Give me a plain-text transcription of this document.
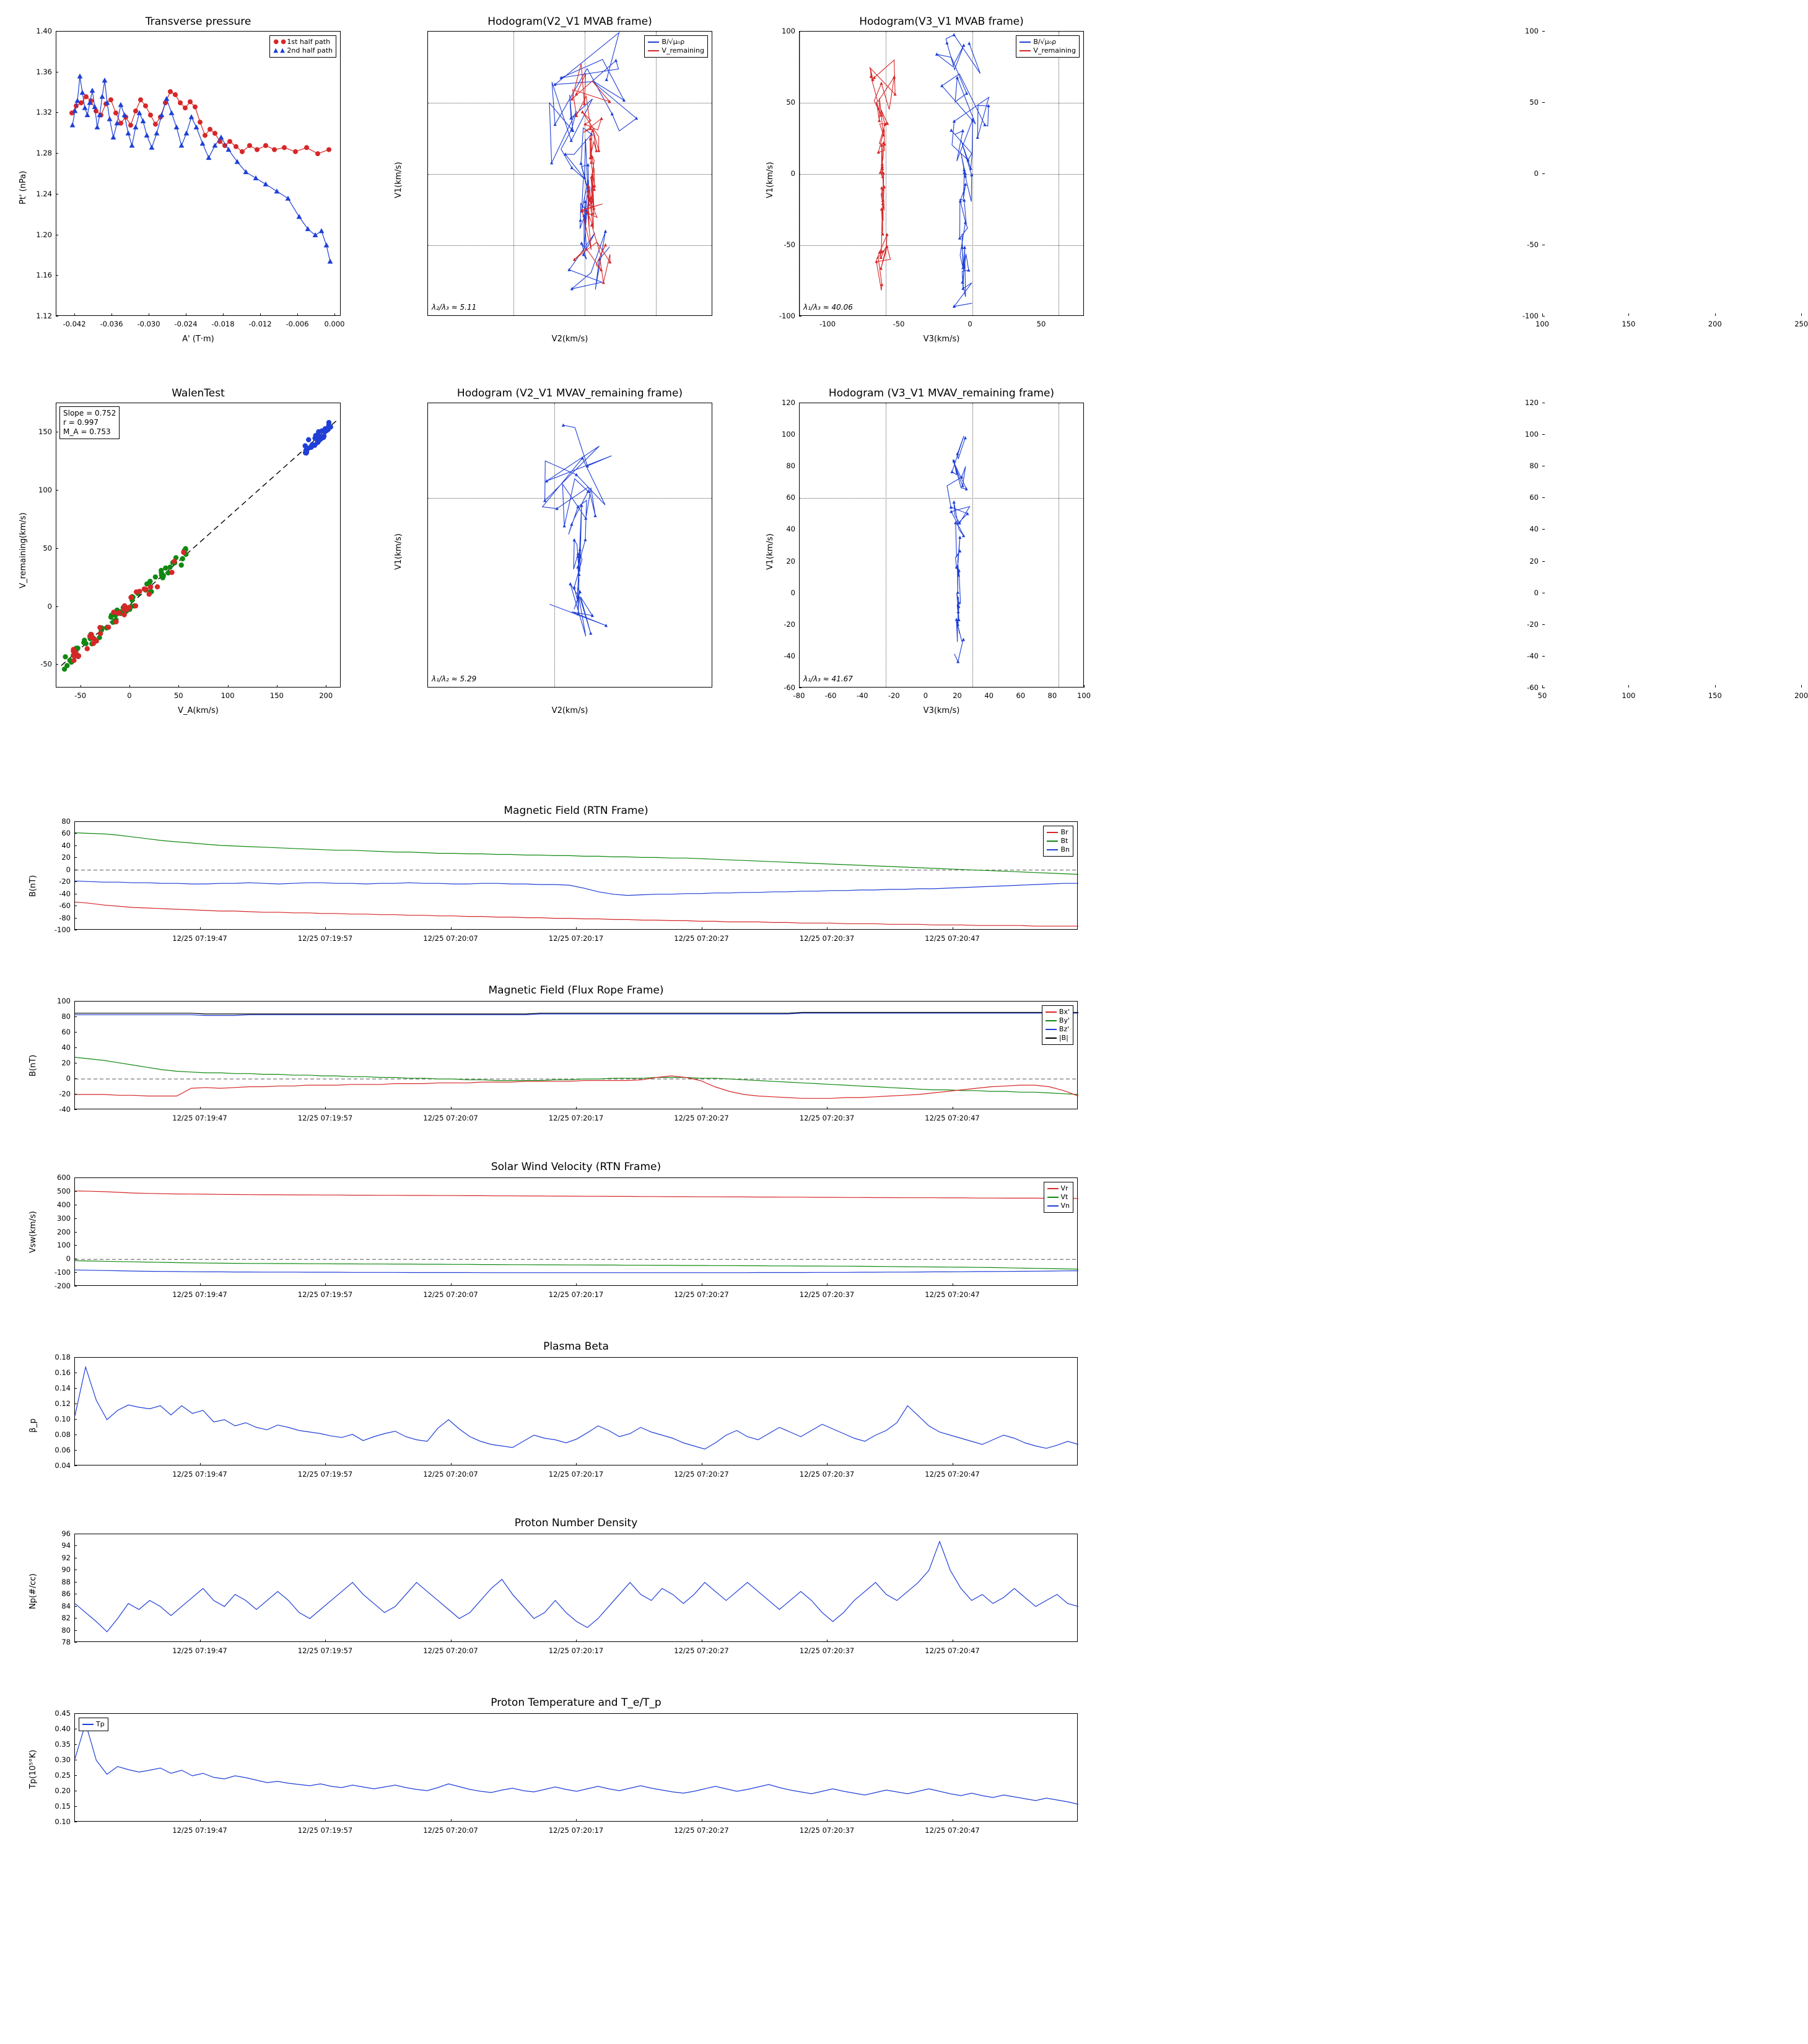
Transverse pressure
● ● 1st half path
▲ ▲ 2nd half path
Pt' (nPa)
A' (T·m)
-0.042 -0.036 -0.030 -0.024 -0.018 -0.012 -0.006 0.000
1.12
1.16
1.20
1.24
1.28
1.32
1.36
1.40
Hodogram(V2_V1 MVAB frame)
B/√μ₀ρ
V_remaining
λ₂/λ₃ ≈ 5.11
V1(km/s)
V2(km/s)
-100	-50	0	50
-100
-50
0
50
100
Hodogram(V3_V1 MVAB frame)
B/√μ₀ρ
V_remaining
λ₁/λ₃ ≈ 40.06
V1(km/s)
V3(km/s)
100	150	200	250
-100
-50
0
50
100
WalenTest
Slope = 0.752
r = 0.997
M_A = 0.753
V_remaining(km/s)
V_A(km/s)
-50	0	50	100	150	200
-50
0
50
100
150
Hodogram (V2_V1 MVAV_remaining frame)
λ₁/λ₂ ≈ 5.29
V1(km/s)
V2(km/s)
-80	-60	-40	-20	0	20	40	60	80	100
-60
-40
-20
0
20
40
60
80
100
120
Hodogram (V3_V1 MVAV_remaining frame)
λ₁/λ₃ ≈ 41.67
V1(km/s)
V3(km/s)
50	100	150	200
-60
-40
-20
0
20
40
60
80
100
120
Magnetic Field (RTN Frame)
Br
Bt
Bn
B(nT)
-100
-80
-60
-40
-20
0
20
40
60
80
12/25 07:19:47	12/25 07:19:57	12/25 07:20:07	12/25 07:20:17	12/25 07:20:27	12/25 07:20:37	12/25 07:20:47
Magnetic Field (Flux Rope Frame)
Bx'
By'
Bz'
|B|
B(nT)
-40
-20
0
20
40
60
80
100
12/25 07:19:47	12/25 07:19:57	12/25 07:20:07	12/25 07:20:17	12/25 07:20:27	12/25 07:20:37	12/25 07:20:47
Solar Wind Velocity (RTN Frame)
Vr
Vt
Vn
Vsw(km/s)
-200
-100
0
100
200
300
400
500
600
12/25 07:19:47	12/25 07:19:57	12/25 07:20:07	12/25 07:20:17	12/25 07:20:27	12/25 07:20:37	12/25 07:20:47
Plasma Beta
β_p
0.04
0.06
0.08
0.10
0.12
0.14
0.16
0.18
12/25 07:19:47	12/25 07:19:57	12/25 07:20:07	12/25 07:20:17	12/25 07:20:27	12/25 07:20:37	12/25 07:20:47
Proton Number Density
Np(#/cc)
78
80
82
84
86
88
90
92
94
96
12/25 07:19:47	12/25 07:19:57	12/25 07:20:07	12/25 07:20:17	12/25 07:20:27	12/25 07:20:37	12/25 07:20:47
Proton Temperature and T_e/T_p
Tp
Tp(10⁵°K)
0.10
0.15
0.20
0.25
0.30
0.35
0.40
0.45
12/25 07:19:47	12/25 07:19:57	12/25 07:20:07	12/25 07:20:17	12/25 07:20:27	12/25 07:20:37	12/25 07:20:47
